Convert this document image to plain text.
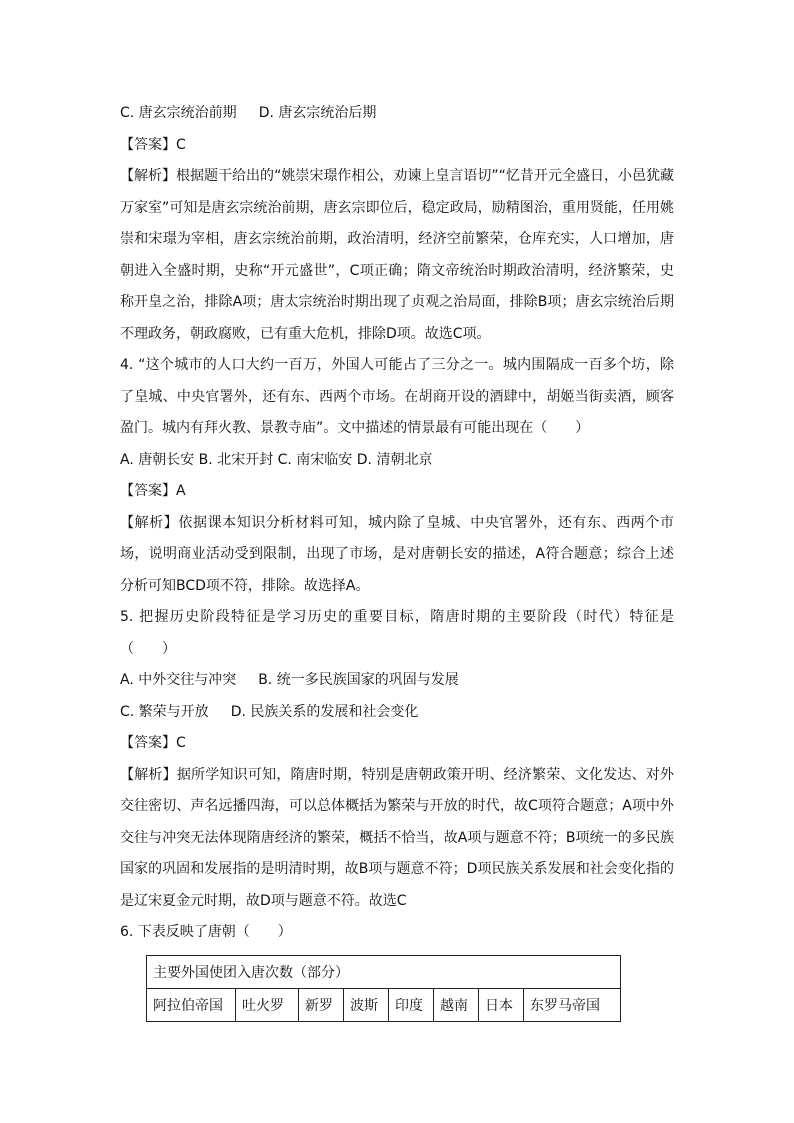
C. 唐玄宗统治前期 D. 唐玄宗统治后期
【答案】C
【解析】根据题干给出的“姚崇宋璟作相公，劝谏上皇言语切”“忆昔开元全盛日，小邑犹藏万家室”可知是唐玄宗统治前期，唐玄宗即位后，稳定政局，励精图治，重用贤能，任用姚崇和宋璟为宰相，唐玄宗统治前期，政治清明，经济空前繁荣，仓库充实，人口增加，唐朝进入全盛时期，史称“开元盛世”，C项正确；隋文帝统治时期政治清明，经济繁荣，史称开皇之治，排除A项；唐太宗统治时期出现了贞观之治局面，排除B项；唐玄宗统治后期不理政务，朝政腐败，已有重大危机，排除D项。故选C项。
4. “这个城市的人口大约一百万，外国人可能占了三分之一。城内围隔成一百多个坊，除了皇城、中央官署外，还有东、西两个市场。在胡商开设的酒肆中，胡姬当街卖酒，顾客盈门。城内有拜火教、景教寺庙”。文中描述的情景最有可能出现在（　　）
A. 唐朝长安 B. 北宋开封 C. 南宋临安 D. 清朝北京
【答案】A
【解析】依据课本知识分析材料可知，城内除了皇城、中央官署外，还有东、西两个市场，说明商业活动受到限制，出现了市场，是对唐朝长安的描述，A符合题意；综合上述分析可知BCD项不符，排除。故选择A。
5. 把握历史阶段特征是学习历史的重要目标，隋唐时期的主要阶段（时代）特征是（　　）
A. 中外交往与冲突 B. 统一多民族国家的巩固与发展
C. 繁荣与开放 D. 民族关系的发展和社会变化
【答案】C
【解析】据所学知识可知，隋唐时期，特别是唐朝政策开明、经济繁荣、文化发达、对外交往密切、声名远播四海，可以总体概括为繁荣与开放的时代，故C项符合题意；A项中外交往与冲突无法体现隋唐经济的繁荣，概括不恰当，故A项与题意不符；B项统一的多民族国家的巩固和发展指的是明清时期，故B项与题意不符；D项民族关系发展和社会变化指的是辽宋夏金元时期，故D项与题意不符。故选C
6. 下表反映了唐朝（　　）
主要外国使团入唐次数（部分）
阿拉伯帝国	吐火罗	新罗	波斯	印度	越南	日本	东罗马帝国
